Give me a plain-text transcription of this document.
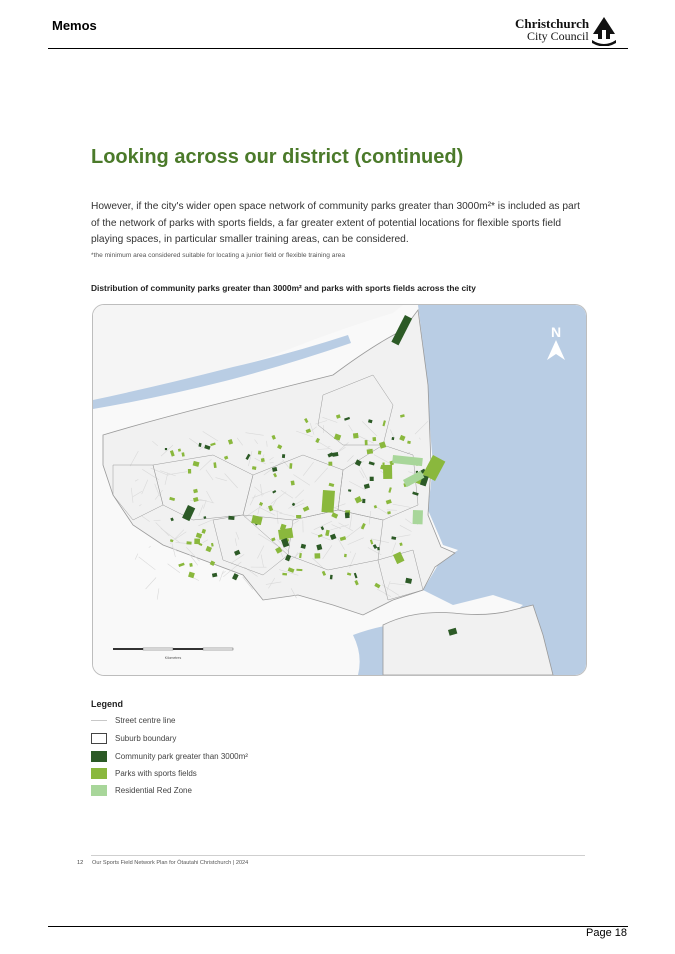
Memos	Christchurch
City Council
Looking across our district (continued)
However, if the city's wider open space network of community parks greater than 3000m²* is included as part of the network of parks with sports fields, a far greater extent of potential locations for flexible sports field playing spaces, in particular smaller training areas, can be considered.
*the minimum area considered suitable for locating a junior field or flexible training area
Distribution of community parks greater than 3000m² and parks with sports fields across the city
N
Kilometres
Legend
Street centre line
Suburb boundary
Community park greater than 3000m²
Parks with sports fields
Residential Red Zone
12 Our Sports Field Network Plan for Ōtautahi Christchurch | 2024
Page 18
